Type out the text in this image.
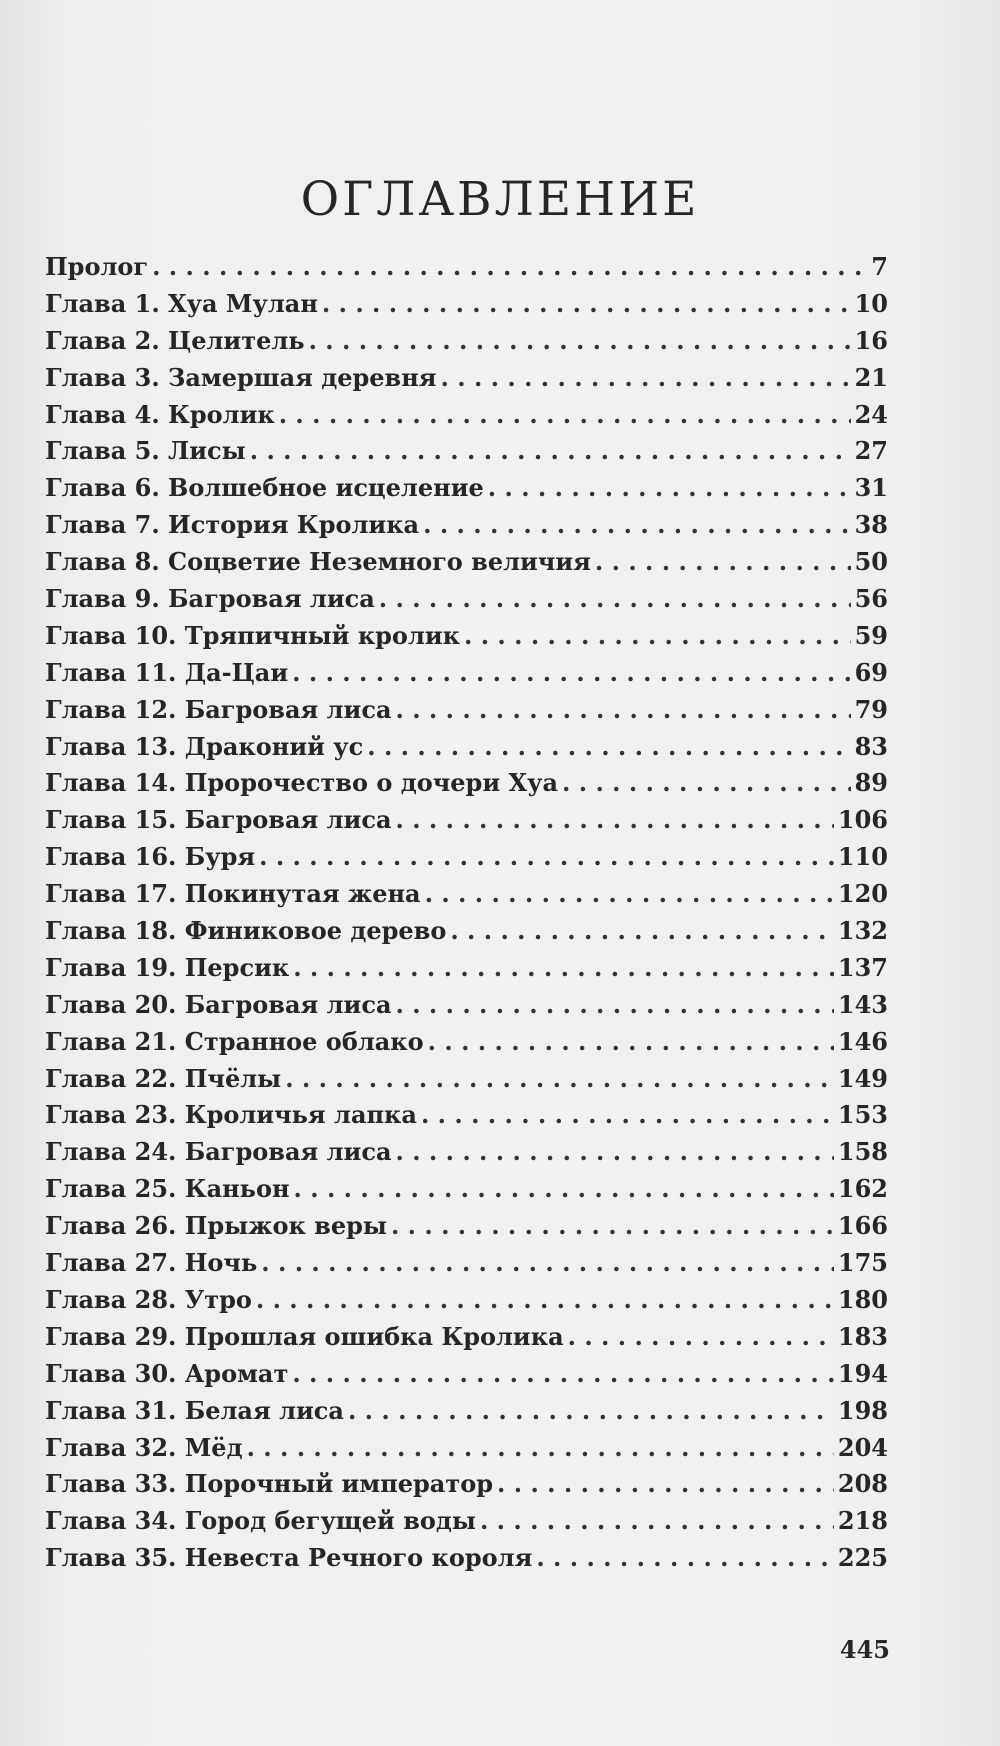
ОГЛАВЛЕНИЕ
Пролог . . .	7
Глава 1. Хуа Мулан . . .	10
Глава 2. Целитель . . .	16
Глава 3. Замершая деревня . . .	21
Глава 4. Кролик . . .	24
Глава 5. Лисы . . .	27
Глава 6. Волшебное исцеление . . .	31
Глава 7. История Кролика . . .	38
Глава 8. Соцветие Неземного величия . . .	50
Глава 9. Багровая лиса . . .	56
Глава 10. Тряпичный кролик . . .	59
Глава 11. Да-Цаи . . .	69
Глава 12. Багровая лиса . . .	79
Глава 13. Драконий ус . . .	83
Глава 14. Пророчество о дочери Хуа . . .	89
Глава 15. Багровая лиса . . .	106
Глава 16. Буря . . .	110
Глава 17. Покинутая жена . . .	120
Глава 18. Финиковое дерево . . .	132
Глава 19. Персик . . .	137
Глава 20. Багровая лиса . . .	143
Глава 21. Странное облако . . .	146
Глава 22. Пчёлы . . .	149
Глава 23. Кроличья лапка . . .	153
Глава 24. Багровая лиса . . .	158
Глава 25. Каньон . . .	162
Глава 26. Прыжок веры . . .	166
Глава 27. Ночь . . .	175
Глава 28. Утро . . .	180
Глава 29. Прошлая ошибка Кролика . . .	183
Глава 30. Аромат . . .	194
Глава 31. Белая лиса . . .	198
Глава 32. Мёд . . .	204
Глава 33. Порочный император . . .	208
Глава 34. Город бегущей воды . . .	218
Глава 35. Невеста Речного короля . . .	225
445
